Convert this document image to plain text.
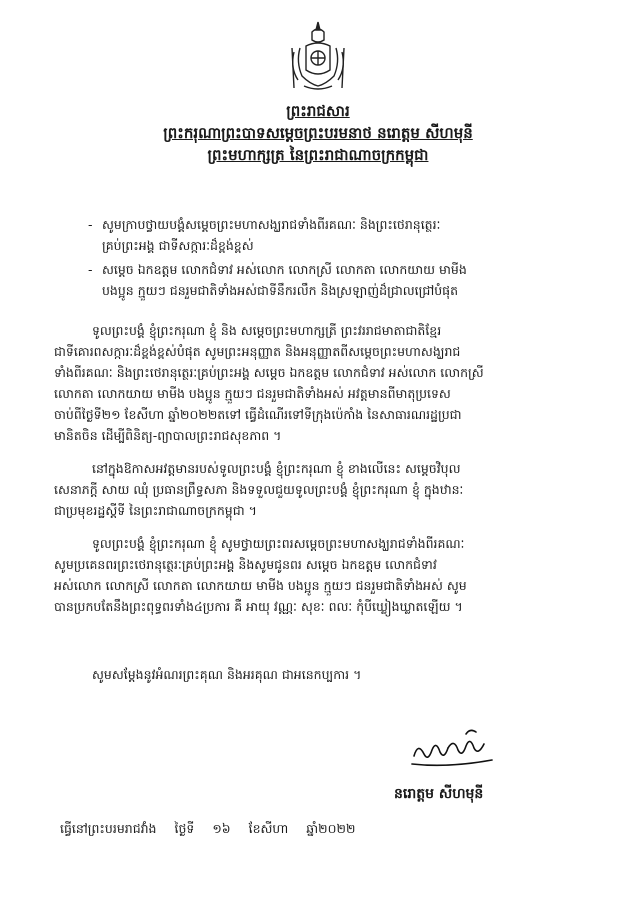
ព្រះរាជសារ
ព្រះករុណាព្រះបាទសម្តេចព្រះបរមនាថ នរោត្តម សីហមុនី
ព្រះមហាក្សត្រ នៃព្រះរាជាណាចក្រកម្ពុជា
- សូមក្រាបថ្វាយបង្គំសម្តេចព្រះមហាសង្ឃរាជទាំងពីរគណៈ និងព្រះថេរានុត្ថេរៈ
គ្រប់ព្រះអង្គ ជាទីសក្ការៈដ៏ខ្ពង់ខ្ពស់
- សម្តេច ឯកឧត្តម លោកជំទាវ អស់លោក លោកស្រី លោកតា លោកយាយ មាមីង
បងប្អូន ក្មួយៗ ជនរួមជាតិទាំងអស់ជាទីនឹករលឹក និងស្រឡាញ់ដ៏ជ្រាលជ្រៅបំផុត
ទូលព្រះបង្គំ ខ្ញុំព្រះករុណា ខ្ញុំ និង សម្តេចព្រះមហាក្សត្រី ព្រះវររាជមាតាជាតិខ្មែរ
ជាទីគោរពសក្ការៈដ៏ខ្ពង់ខ្ពស់បំផុត សូមព្រះអនុញ្ញាត និងអនុញ្ញាតពីសម្តេចព្រះមហាសង្ឃរាជ
ទាំងពីរគណៈ និងព្រះថេរានុត្ថេរៈគ្រប់ព្រះអង្គ សម្តេច ឯកឧត្តម លោកជំទាវ អស់លោក លោកស្រី
លោកតា លោកយាយ មាមីង បងប្អូន ក្មួយៗ ជនរួមជាតិទាំងអស់ អវត្តមានពីមាតុប្រទេស
ចាប់ពីថ្ងៃទី២១ ខែសីហា ឆ្នាំ២០២២តទៅ ធ្វើដំណើរទៅទីក្រុងប៉េកាំង នៃសាធារណរដ្ឋប្រជា
មានិតចិន ដើម្បីពិនិត្យ-ព្យាបាលព្រះរាជសុខភាព ។
នៅក្នុងឱកាសអវត្តមានរបស់ទូលព្រះបង្គំ ខ្ញុំព្រះករុណា ខ្ញុំ ខាងលើនេះ សម្តេចវិបុល
សេនាភក្តី សាយ ឈុំ ប្រធានព្រឹទ្ធសភា និងទទួលជួយទូលព្រះបង្គំ ខ្ញុំព្រះករុណា ខ្ញុំ ក្នុងឋានៈ
ជាប្រមុខរដ្ឋស្តីទី នៃព្រះរាជាណាចក្រកម្ពុជា ។
ទូលព្រះបង្គំ ខ្ញុំព្រះករុណា ខ្ញុំ សូមថ្វាយព្រះពរសម្តេចព្រះមហាសង្ឃរាជទាំងពីរគណៈ
សូមប្រគេនពរព្រះថេរានុត្ថេរៈគ្រប់ព្រះអង្គ និងសូមជូនពរ សម្តេច ឯកឧត្តម លោកជំទាវ
អស់លោក លោកស្រី លោកតា លោកយាយ មាមីង បងប្អូន ក្មួយៗ ជនរួមជាតិទាំងអស់ សូម
បានប្រកបតែនឹងព្រះពុទ្ធពរទាំង៤ប្រការ គឺ អាយុ វណ្ណៈ សុខៈ ពលៈ កុំបីឃ្លៀងឃ្លាតឡើយ ។
សូមសម្តែងនូវអំណរព្រះគុណ និងអរគុណ ជាអនេកប្បការ ។
នរោត្តម សីហមុនី
ធ្វើនៅព្រះបរមរាជវាំង ថ្ងៃទី ១៦ ខែសីហា ឆ្នាំ២០២២
